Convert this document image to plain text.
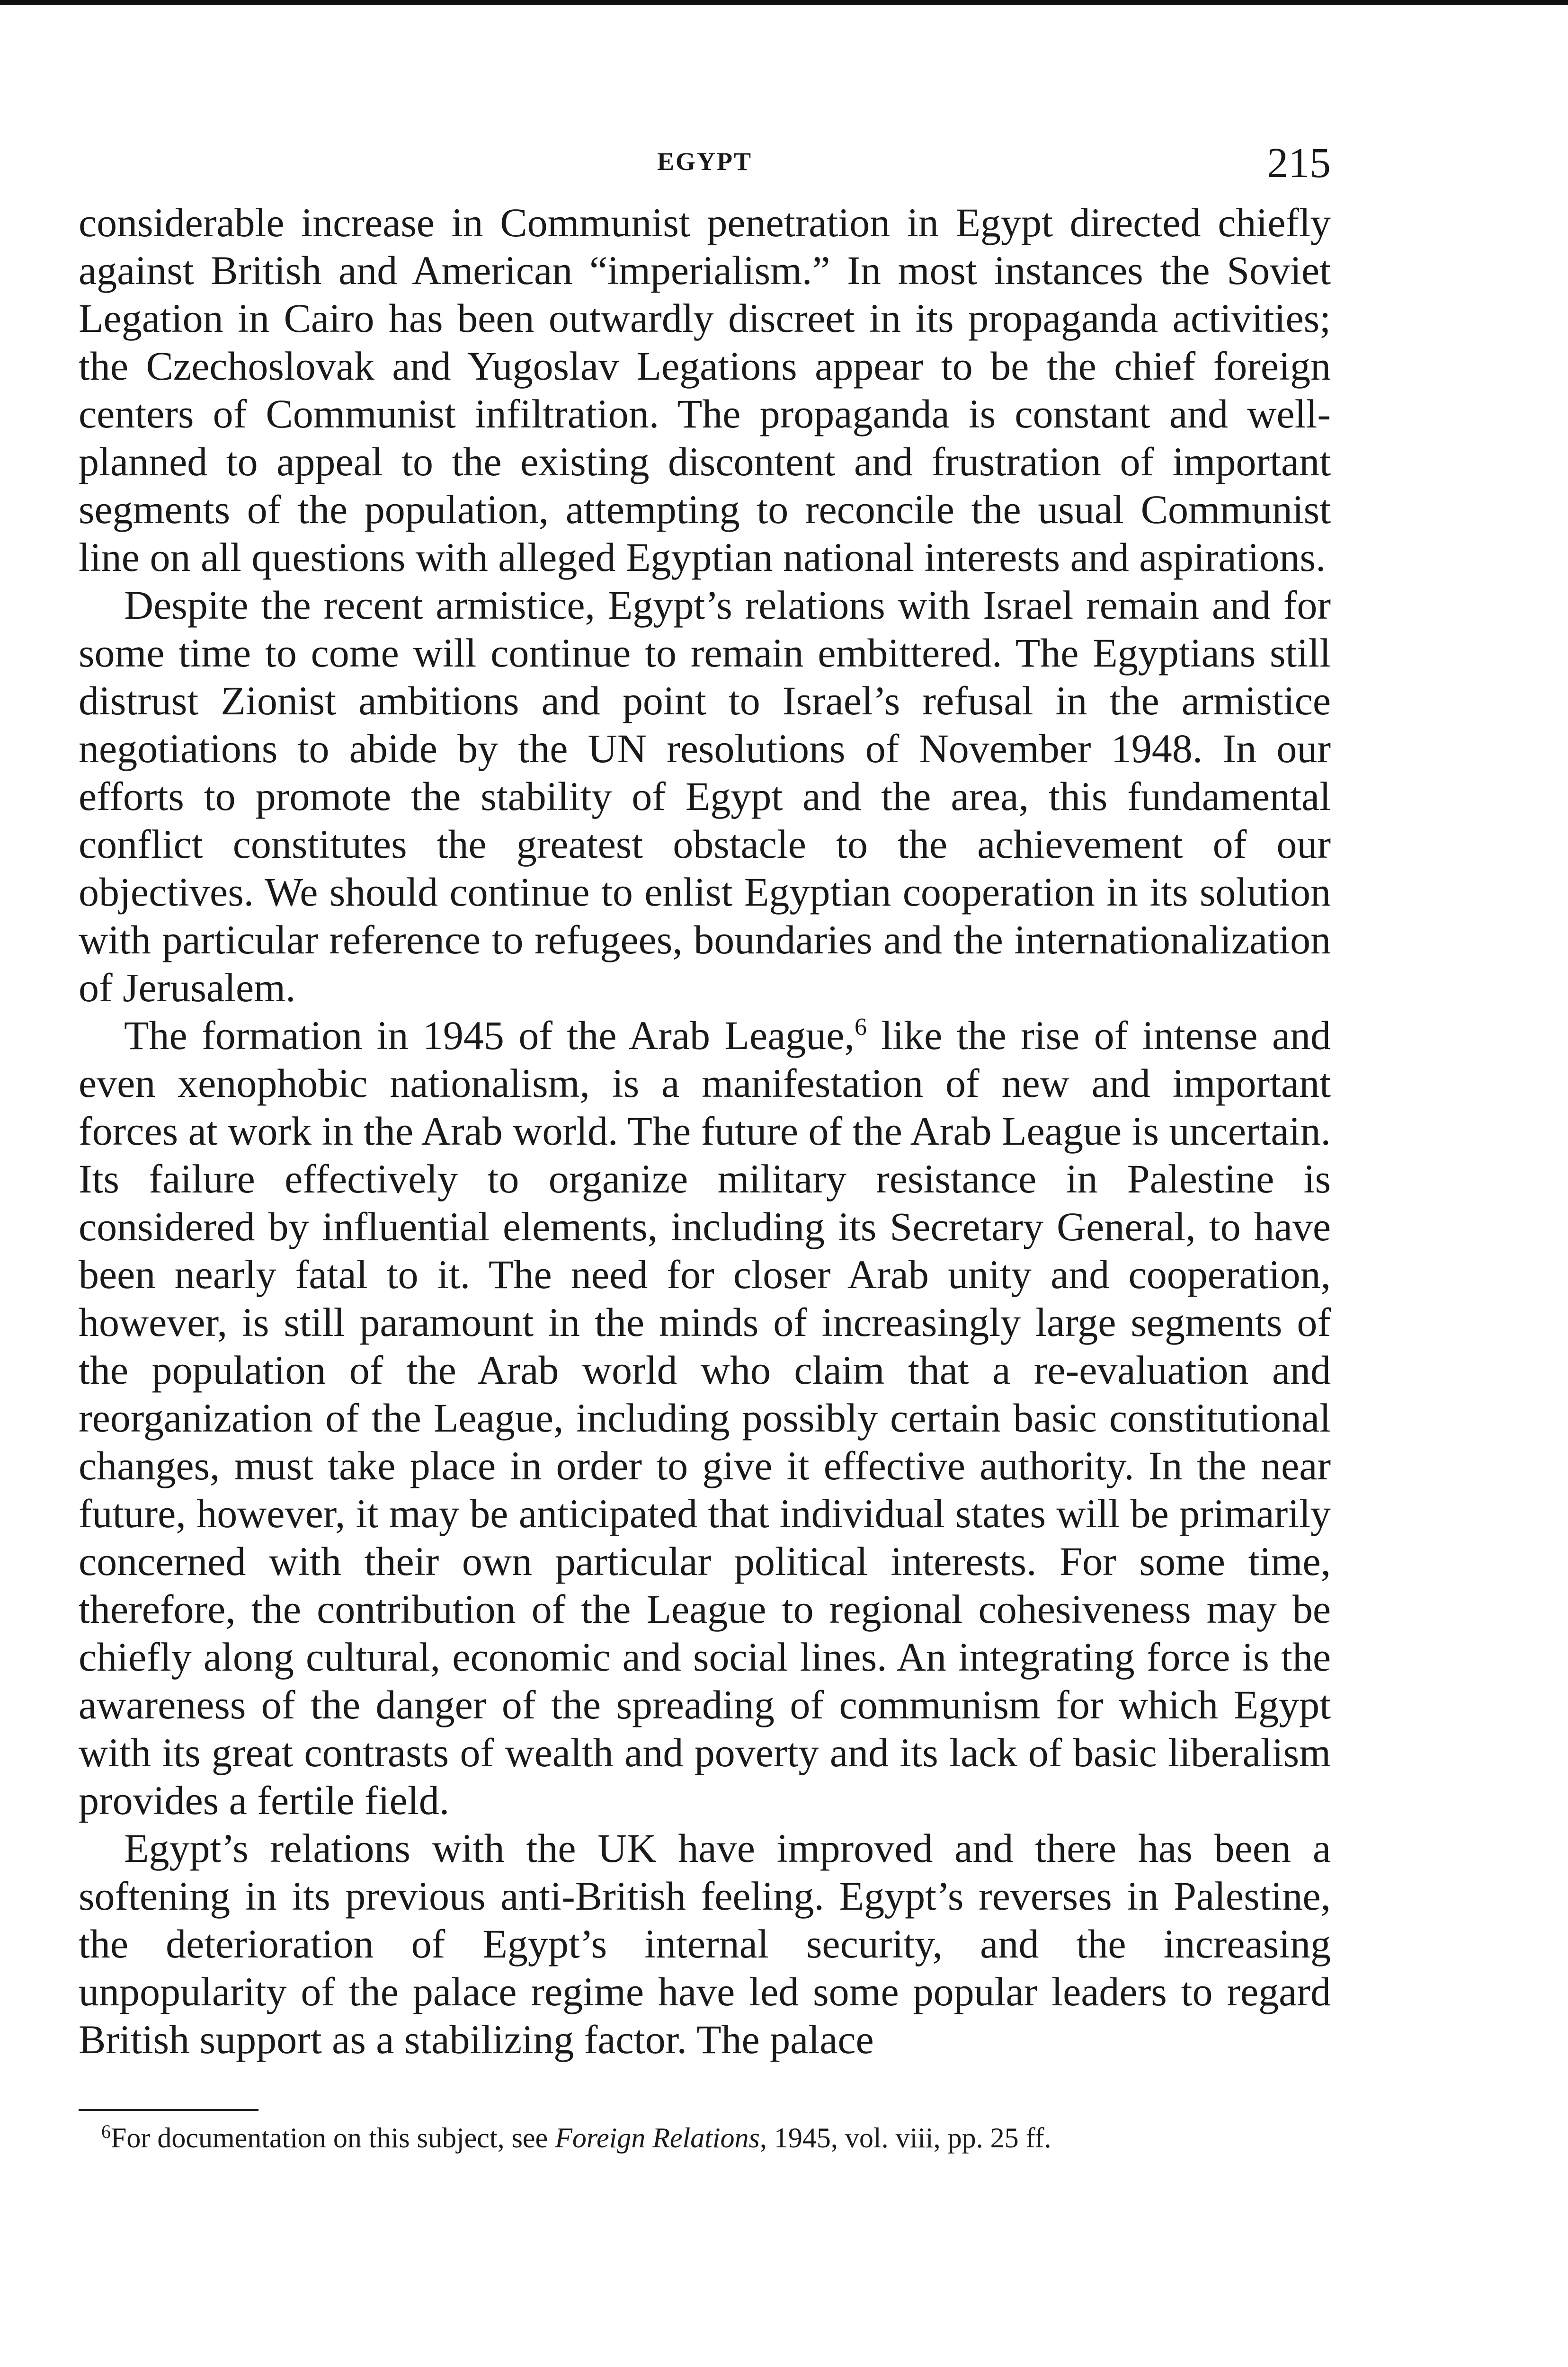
EGYPT	215

considerable increase in Communist penetration in Egypt directed chiefly against British and American “imperialism.” In most instances the Soviet Legation in Cairo has been outwardly discreet in its propaganda activities; the Czechoslovak and Yugoslav Legations appear to be the chief foreign centers of Communist infiltration. The propaganda is constant and well-planned to appeal to the existing discontent and frustration of important segments of the population, attempting to reconcile the usual Communist line on all questions with alleged Egyptian national interests and aspirations.

Despite the recent armistice, Egypt’s relations with Israel remain and for some time to come will continue to remain embittered. The Egyptians still distrust Zionist ambitions and point to Israel’s refusal in the armistice negotiations to abide by the UN resolutions of November 1948. In our efforts to promote the stability of Egypt and the area, this fundamental conflict constitutes the greatest obstacle to the achievement of our objectives. We should continue to enlist Egyptian cooperation in its solution with particular reference to refugees, boundaries and the internationalization of Jerusalem.

The formation in 1945 of the Arab League,$^6$ like the rise of intense and even xenophobic nationalism, is a manifestation of new and important forces at work in the Arab world. The future of the Arab League is uncertain. Its failure effectively to organize military resistance in Palestine is considered by influential elements, including its Secretary General, to have been nearly fatal to it. The need for closer Arab unity and cooperation, however, is still paramount in the minds of increasingly large segments of the population of the Arab world who claim that a re-evaluation and reorganization of the League, including possibly certain basic constitutional changes, must take place in order to give it effective authority. In the near future, however, it may be anticipated that individual states will be primarily concerned with their own particular political interests. For some time, therefore, the contribution of the League to regional cohesiveness may be chiefly along cultural, economic and social lines. An integrating force is the awareness of the danger of the spreading of communism for which Egypt with its great contrasts of wealth and poverty and its lack of basic liberalism provides a fertile field.

Egypt’s relations with the UK have improved and there has been a softening in its previous anti-British feeling. Egypt’s reverses in Palestine, the deterioration of Egypt’s internal security, and the increasing unpopularity of the palace regime have led some popular leaders to regard British support as a stabilizing factor. The palace

$^6$For documentation on this subject, see Foreign Relations, 1945, vol. viii, pp. 25 ff.
